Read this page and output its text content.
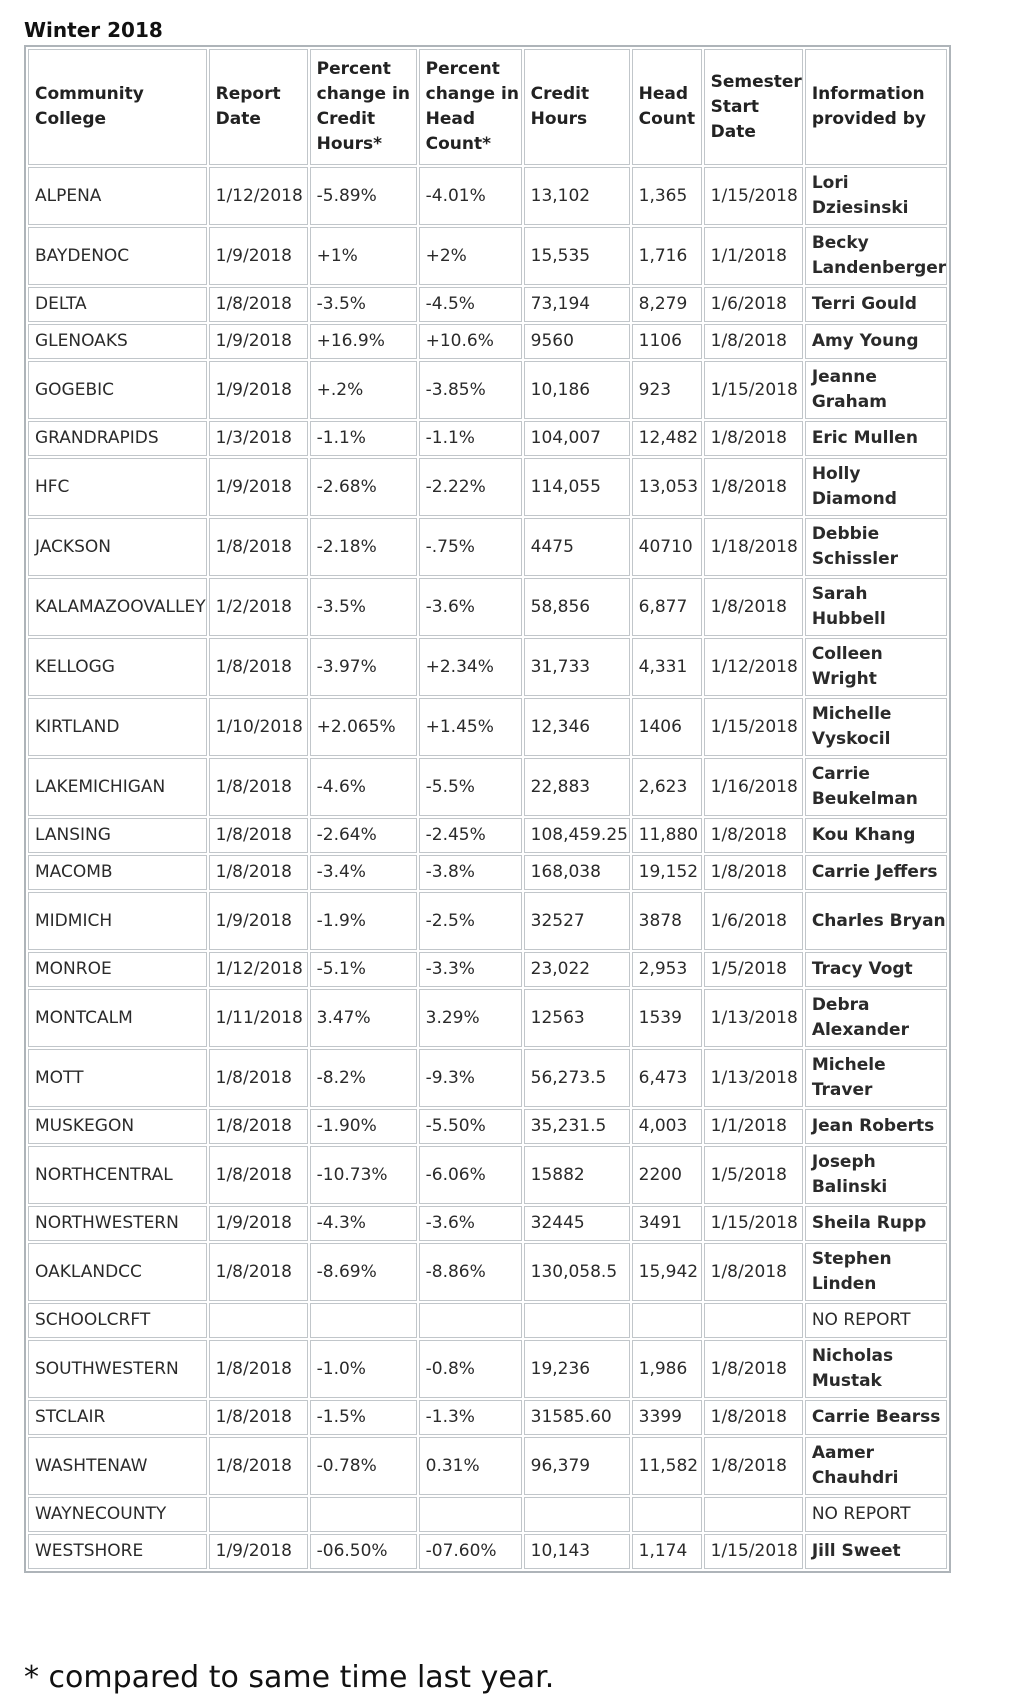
Winter 2018
Community College	Report Date	Percent change in Credit Hours*	Percent change in Head Count*	Credit Hours	Head Count	Semester Start Date	Information provided by
ALPENA	1/12/2018	-5.89%	-4.01%	13,102	1,365	1/15/2018	Lori Dziesinski
BAYDENOC	1/9/2018	+1%	+2%	15,535	1,716	1/1/2018	Becky Landenberger
DELTA	1/8/2018	-3.5%	-4.5%	73,194	8,279	1/6/2018	Terri Gould
GLENOAKS	1/9/2018	+16.9%	+10.6%	9560	1106	1/8/2018	Amy Young
GOGEBIC	1/9/2018	+.2%	-3.85%	10,186	923	1/15/2018	Jeanne Graham
GRANDRAPIDS	1/3/2018	-1.1%	-1.1%	104,007	12,482	1/8/2018	Eric Mullen
HFC	1/9/2018	-2.68%	-2.22%	114,055	13,053	1/8/2018	Holly Diamond
JACKSON	1/8/2018	-2.18%	-.75%	4475	40710	1/18/2018	Debbie Schissler
KALAMAZOOVALLEY	1/2/2018	-3.5%	-3.6%	58,856	6,877	1/8/2018	Sarah Hubbell
KELLOGG	1/8/2018	-3.97%	+2.34%	31,733	4,331	1/12/2018	Colleen Wright
KIRTLAND	1/10/2018	+2.065%	+1.45%	12,346	1406	1/15/2018	Michelle Vyskocil
LAKEMICHIGAN	1/8/2018	-4.6%	-5.5%	22,883	2,623	1/16/2018	Carrie Beukelman
LANSING	1/8/2018	-2.64%	-2.45%	108,459.25	11,880	1/8/2018	Kou Khang
MACOMB	1/8/2018	-3.4%	-3.8%	168,038	19,152	1/8/2018	Carrie Jeffers
MIDMICH	1/9/2018	-1.9%	-2.5%	32527	3878	1/6/2018	Charles Bryan
MONROE	1/12/2018	-5.1%	-3.3%	23,022	2,953	1/5/2018	Tracy Vogt
MONTCALM	1/11/2018	3.47%	3.29%	12563	1539	1/13/2018	Debra Alexander
MOTT	1/8/2018	-8.2%	-9.3%	56,273.5	6,473	1/13/2018	Michele Traver
MUSKEGON	1/8/2018	-1.90%	-5.50%	35,231.5	4,003	1/1/2018	Jean Roberts
NORTHCENTRAL	1/8/2018	-10.73%	-6.06%	15882	2200	1/5/2018	Joseph Balinski
NORTHWESTERN	1/9/2018	-4.3%	-3.6%	32445	3491	1/15/2018	Sheila Rupp
OAKLANDCC	1/8/2018	-8.69%	-8.86%	130,058.5	15,942	1/8/2018	Stephen Linden
SCHOOLCRFT							NO REPORT
SOUTHWESTERN	1/8/2018	-1.0%	-0.8%	19,236	1,986	1/8/2018	Nicholas Mustak
STCLAIR	1/8/2018	-1.5%	-1.3%	31585.60	3399	1/8/2018	Carrie Bearss
WASHTENAW	1/8/2018	-0.78%	0.31%	96,379	11,582	1/8/2018	Aamer Chauhdri
WAYNECOUNTY							NO REPORT
WESTSHORE	1/9/2018	-06.50%	-07.60%	10,143	1,174	1/15/2018	Jill Sweet
* compared to same time last year.
